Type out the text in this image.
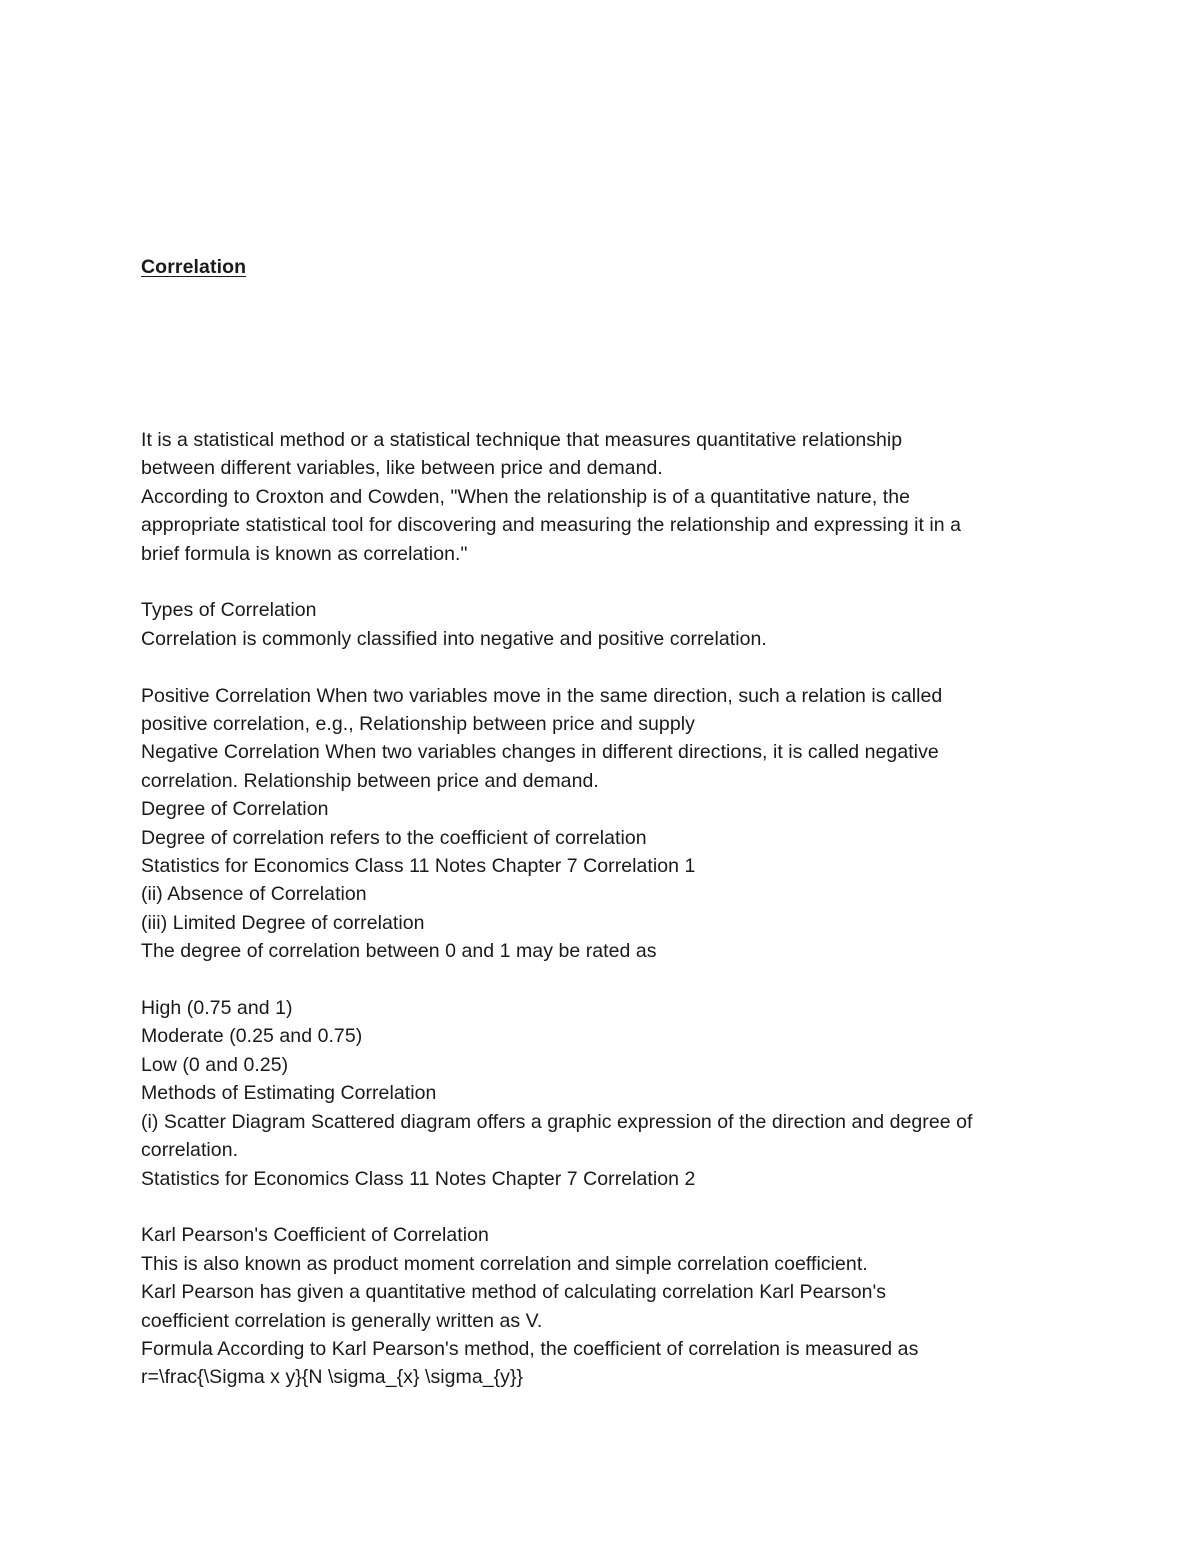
Correlation
It is a statistical method or a statistical technique that measures quantitative relationship
between different variables, like between price and demand.
According to Croxton and Cowden, "When the relationship is of a quantitative nature, the
appropriate statistical tool for discovering and measuring the relationship and expressing it in a
brief formula is known as correlation."
Types of Correlation
Correlation is commonly classified into negative and positive correlation.
Positive Correlation When two variables move in the same direction, such a relation is called
positive correlation, e.g., Relationship between price and supply
Negative Correlation When two variables changes in different directions, it is called negative
correlation. Relationship between price and demand.
Degree of Correlation
Degree of correlation refers to the coefficient of correlation
Statistics for Economics Class 11 Notes Chapter 7 Correlation 1
(ii) Absence of Correlation
(iii) Limited Degree of correlation
The degree of correlation between 0 and 1 may be rated as
High (0.75 and 1)
Moderate (0.25 and 0.75)
Low (0 and 0.25)
Methods of Estimating Correlation
(i) Scatter Diagram Scattered diagram offers a graphic expression of the direction and degree of
correlation.
Statistics for Economics Class 11 Notes Chapter 7 Correlation 2
Karl Pearson's Coefficient of Correlation
This is also known as product moment correlation and simple correlation coefficient.
Karl Pearson has given a quantitative method of calculating correlation Karl Pearson's
coefficient correlation is generally written as V.
Formula According to Karl Pearson's method, the coefficient of correlation is measured as
r=\frac{\Sigma x y}{N \sigma_{x} \sigma_{y}}
